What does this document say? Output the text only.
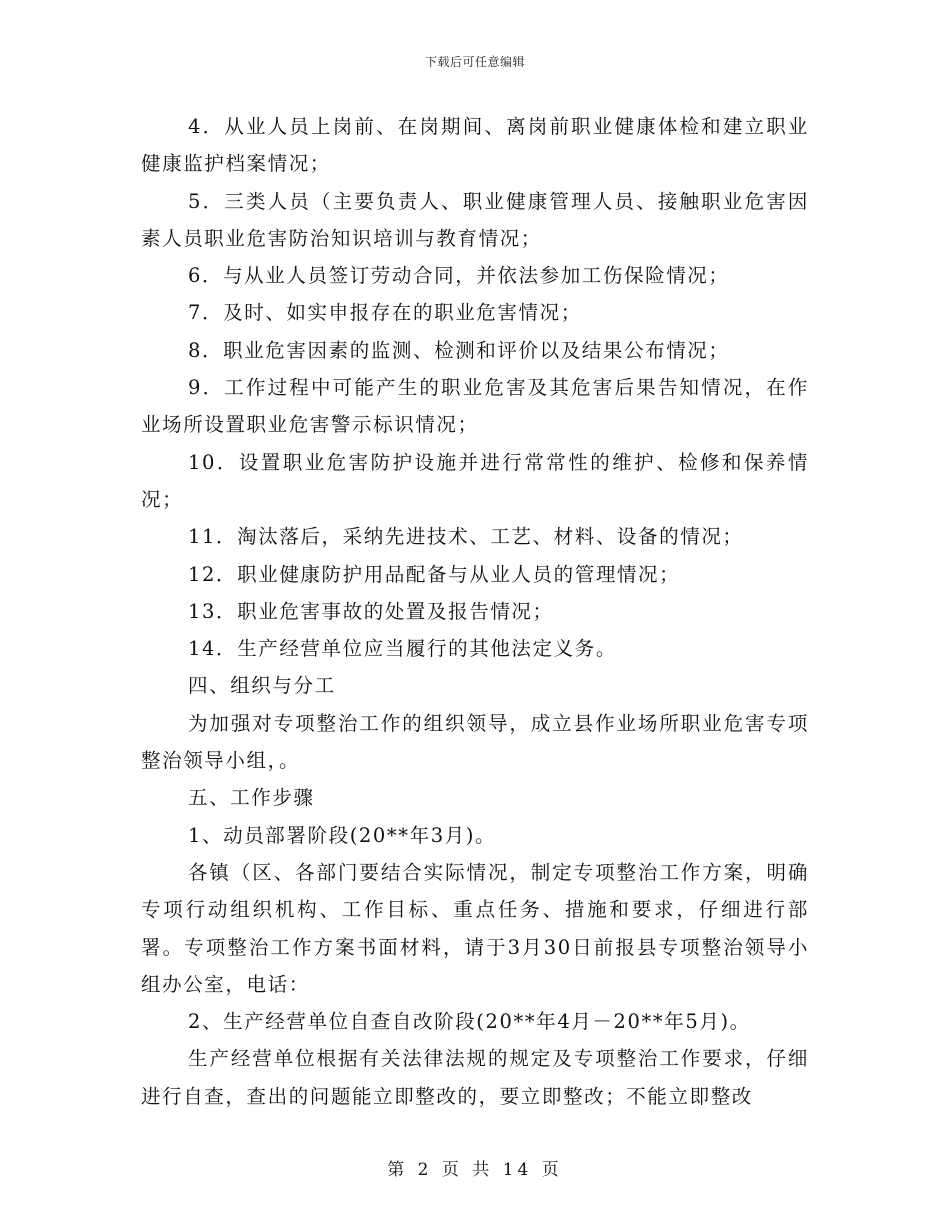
下载后可任意编辑

4．从业人员上岗前、在岗期间、离岗前职业健康体检和建立职业健康监护档案情况；

5．三类人员（主要负责人、职业健康管理人员、接触职业危害因素人员职业危害防治知识培训与教育情况；

6．与从业人员签订劳动合同，并依法参加工伤保险情况；

7．及时、如实申报存在的职业危害情况；

8．职业危害因素的监测、检测和评价以及结果公布情况；

9．工作过程中可能产生的职业危害及其危害后果告知情况，在作业场所设置职业危害警示标识情况；

10．设置职业危害防护设施并进行常常性的维护、检修和保养情况；

11．淘汰落后，采纳先进技术、工艺、材料、设备的情况；

12．职业健康防护用品配备与从业人员的管理情况；

13．职业危害事故的处置及报告情况；

14．生产经营单位应当履行的其他法定义务。

四、组织与分工

为加强对专项整治工作的组织领导，成立县作业场所职业危害专项整治领导小组，。

五、工作步骤

1、动员部署阶段(20**年3月)。

各镇（区、各部门要结合实际情况，制定专项整治工作方案，明确专项行动组织机构、工作目标、重点任务、措施和要求，仔细进行部署。专项整治工作方案书面材料，请于3月30日前报县专项整治领导小组办公室，电话：

2、生产经营单位自查自改阶段(20**年4月－20**年5月)。

生产经营单位根据有关法律法规的规定及专项整治工作要求，仔细进行自查，查出的问题能立即整改的，要立即整改；不能立即整改

第 2 页 共 14 页
